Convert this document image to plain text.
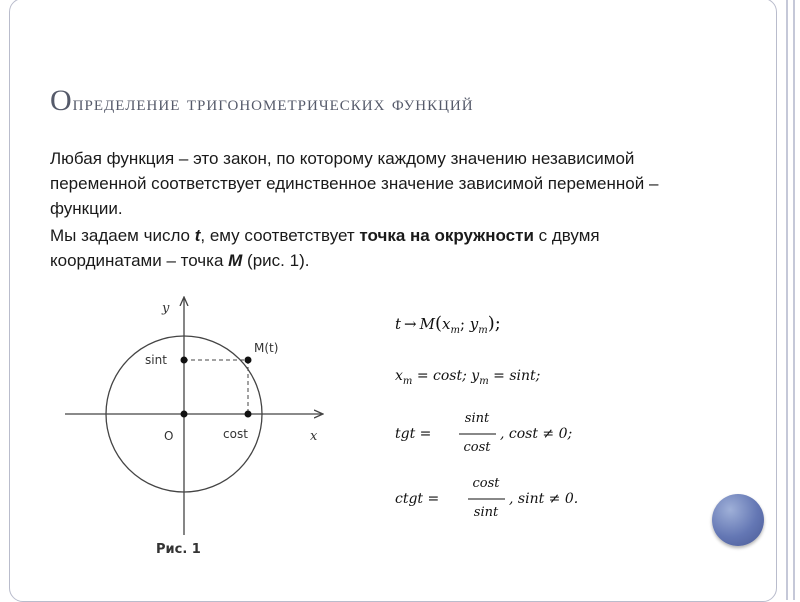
Определение тригонометрических функций

Любая функция – это закон, по которому каждому значению независимой переменной соответствует единственное значение зависимой переменной – функции.

Мы задаем число t, ему соответствует точка на окружности с двумя координатами – точка M (рис. 1).

y
x
M(t)
sint
cost
O
Рис. 1
$t \to M(x_m$; $y_m$);
$x_m = \cos t$; $y_m = \sin t$;
tgt =
sint
cost
, cost ≠ 0;
ctgt =
cost
sint
, sint ≠ 0.
